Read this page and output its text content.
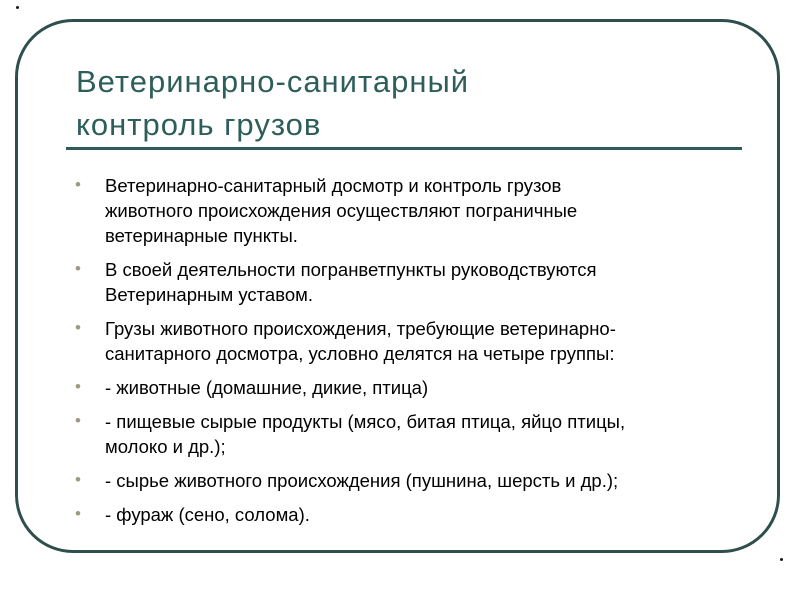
Ветеринарно-санитарный
контроль грузов
• Ветеринарно-санитарный досмотр и контроль грузов
животного происхождения осуществляют пограничные
ветеринарные пункты.
• В своей деятельности погранветпункты руководствуются
Ветеринарным уставом.
• Грузы животного происхождения, требующие ветеринарно-
санитарного досмотра, условно делятся на четыре группы:
• - животные (домашние, дикие, птица)
• - пищевые сырые продукты (мясо, битая птица, яйцо птицы,
молоко и др.);
• - сырье животного происхождения (пушнина, шерсть и др.);
• - фураж (сено, солома).
